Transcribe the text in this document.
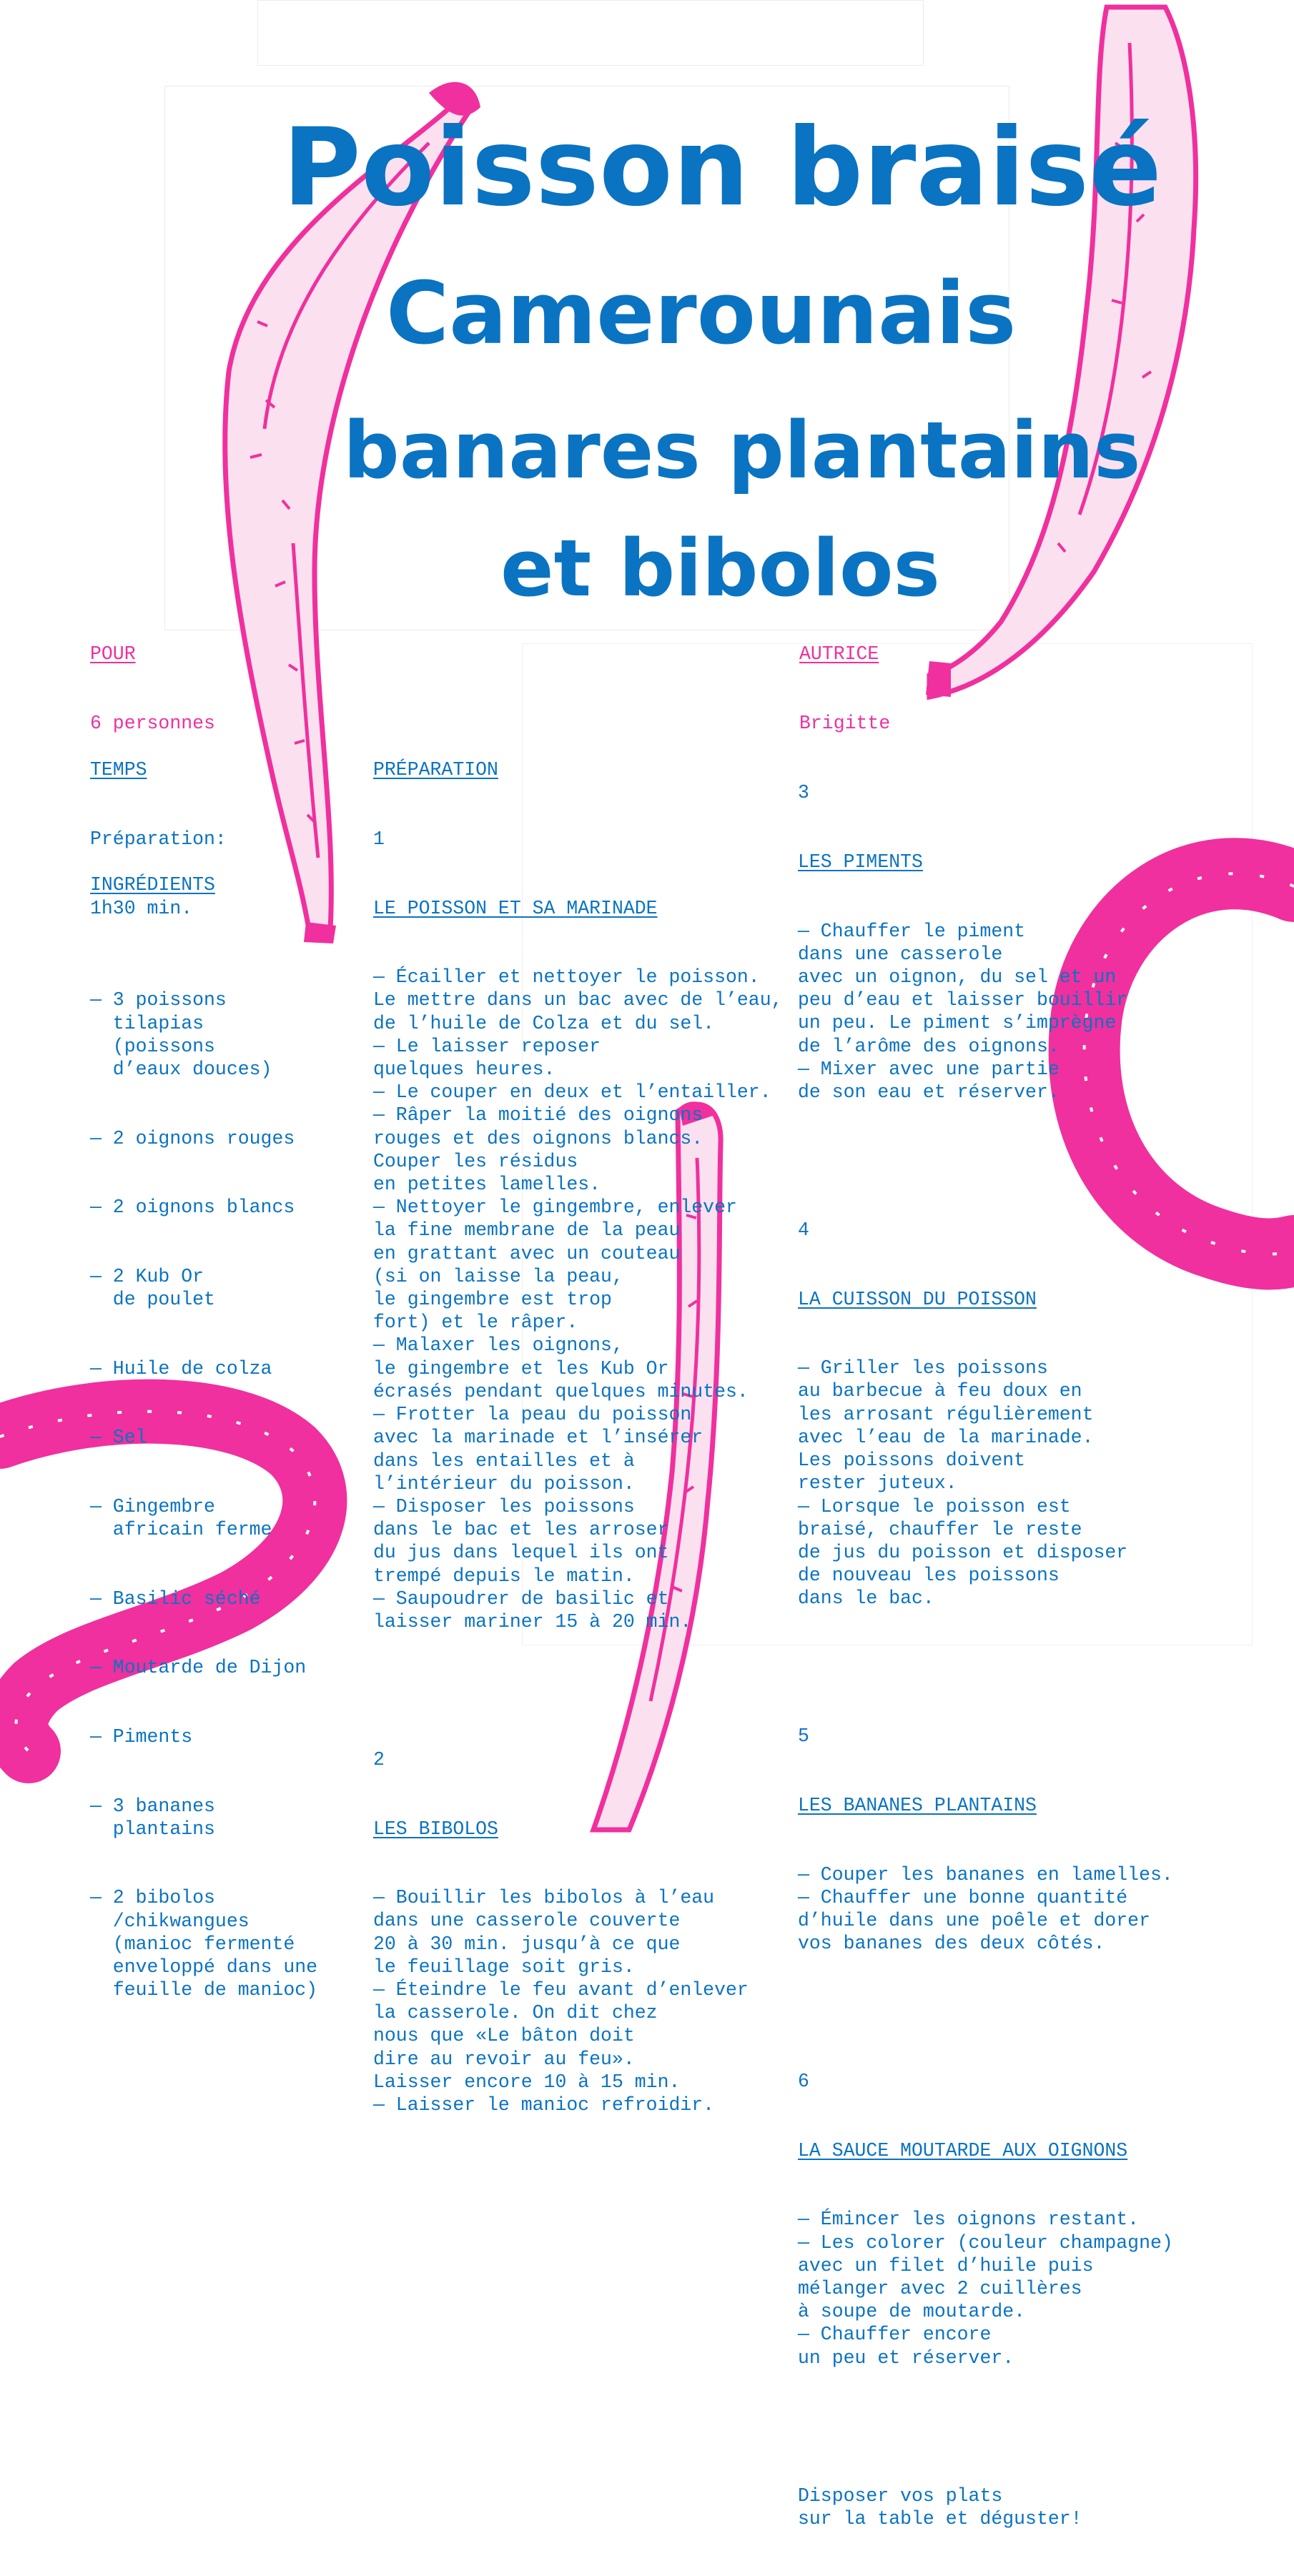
Poisson braisé
Camerounais
banares plantains
et bibolos

POUR

6 personnes

AUTRICE

Brigitte

TEMPS

Préparation:

1h30 min.

INGRÉDIENTS

— 3 poissons
tilapias
(poissons
d’eaux douces)

— 2 oignons rouges

— 2 oignons blancs

— 2 Kub Or
de poulet

— Huile de colza

— Sel

— Gingembre
africain ferme

— Basilic séché

— Moutarde de Dijon

— Piments

— 3 bananes
plantains

— 2 bibolos
/chikwangues
(manioc fermenté
enveloppé dans une
feuille de manioc)

PRÉPARATION

1

LE POISSON ET SA MARINADE

— Écailler et nettoyer le poisson.
Le mettre dans un bac avec de l’eau,
de l’huile de Colza et du sel.
— Le laisser reposer
quelques heures.
— Le couper en deux et l’entailler.
— Râper la moitié des oignons
rouges et des oignons blancs.
Couper les résidus
en petites lamelles.
— Nettoyer le gingembre, enlever
la fine membrane de la peau
en grattant avec un couteau
(si on laisse la peau,
le gingembre est trop
fort) et le râper.
— Malaxer les oignons,
le gingembre et les Kub Or
écrasés pendant quelques minutes.
— Frotter la peau du poisson
avec la marinade et l’insérer
dans les entailles et à
l’intérieur du poisson.
— Disposer les poissons
dans le bac et les arroser
du jus dans lequel ils ont
trempé depuis le matin.
— Saupoudrer de basilic et
laisser mariner 15 à 20 min.

2

LES BIBOLOS

— Bouillir les bibolos à l’eau
dans une casserole couverte
20 à 30 min. jusqu’à ce que
le feuillage soit gris.
— Éteindre le feu avant d’enlever
la casserole. On dit chez
nous que «Le bâton doit
dire au revoir au feu».
Laisser encore 10 à 15 min.
— Laisser le manioc refroidir.

3

LES PIMENTS

— Chauffer le piment
dans une casserole
avec un oignon, du sel et un
peu d’eau et laisser bouillir
un peu. Le piment s’imprègne
de l’arôme des oignons.
— Mixer avec une partie
de son eau et réserver.

4

LA CUISSON DU POISSON

— Griller les poissons
au barbecue à feu doux en
les arrosant régulièrement
avec l’eau de la marinade.
Les poissons doivent
rester juteux.
— Lorsque le poisson est
braisé, chauffer le reste
de jus du poisson et disposer
de nouveau les poissons
dans le bac.

5

LES BANANES PLANTAINS

— Couper les bananes en lamelles.
— Chauffer une bonne quantité
d’huile dans une poêle et dorer
vos bananes des deux côtés.

6

LA SAUCE MOUTARDE AUX OIGNONS

— Émincer les oignons restant.
— Les colorer (couleur champagne)
avec un filet d’huile puis
mélanger avec 2 cuillères
à soupe de moutarde.
— Chauffer encore
un peu et réserver.

Disposer vos plats
sur la table et déguster!
